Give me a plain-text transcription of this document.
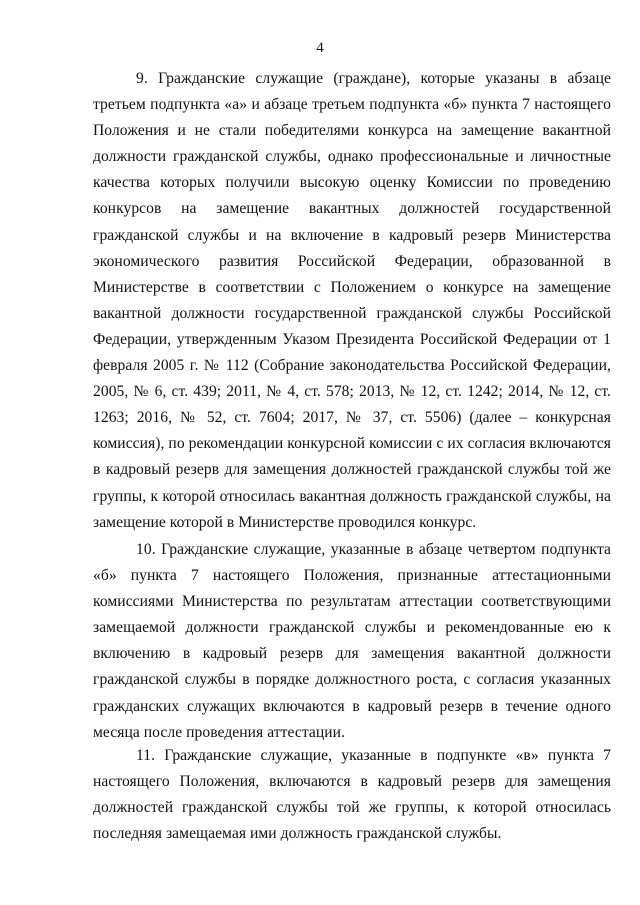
4

9. Гражданские служащие (граждане), которые указаны в абзаце третьем подпункта «а» и абзаце третьем подпункта «б» пункта 7 настоящего Положения и не стали победителями конкурса на замещение вакантной должности гражданской службы, однако профессиональные и личностные качества которых получили высокую оценку Комиссии по проведению конкурсов на замещение вакантных должностей государственной гражданской службы и на включение в кадровый резерв Министерства экономического развития Российской Федерации, образованной в Министерстве в соответствии с Положением о конкурсе на замещение вакантной должности государственной гражданской службы Российской Федерации, утвержденным Указом Президента Российской Федерации от 1 февраля 2005 г. № 112 (Собрание законодательства Российской Федерации, 2005, № 6, ст. 439; 2011, № 4, ст. 578; 2013, № 12, ст. 1242; 2014, № 12, ст. 1263; 2016, № 52, ст. 7604; 2017, № 37, ст. 5506) (далее – конкурсная комиссия), по рекомендации конкурсной комиссии с их согласия включаются в кадровый резерв для замещения должностей гражданской службы той же группы, к которой относилась вакантная должность гражданской службы, на замещение которой в Министерстве проводился конкурс.

10. Гражданские служащие, указанные в абзаце четвертом подпункта «б» пункта 7 настоящего Положения, признанные аттестационными комиссиями Министерства по результатам аттестации соответствующими замещаемой должности гражданской службы и рекомендованные ею к включению в кадровый резерв для замещения вакантной должности гражданской службы в порядке должностного роста, с согласия указанных гражданских служащих включаются в кадровый резерв в течение одного месяца после проведения аттестации.

11. Гражданские служащие, указанные в подпункте «в» пункта 7 настоящего Положения, включаются в кадровый резерв для замещения должностей гражданской службы той же группы, к которой относилась последняя замещаемая ими должность гражданской службы.
